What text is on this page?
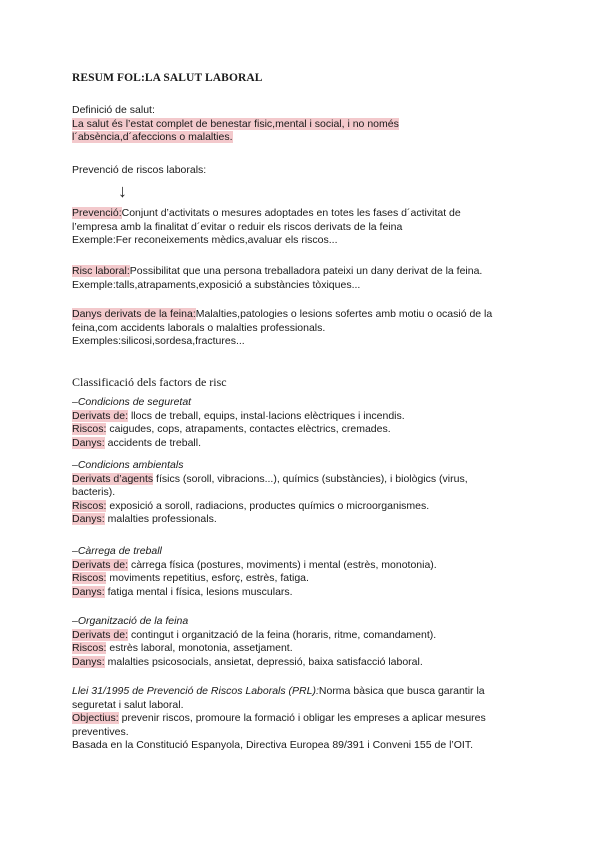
RESUM FOL:LA SALUT LABORAL
Definició de salut:
La salut és l’estat complet de benestar fisic,mental i social, i no només
l´absència,d´afeccions o malalties.
Prevenció de riscos laborals:
↓
Prevenció:Conjunt d’activitats o mesures adoptades en totes les fases d´activitat de
l’empresa amb la finalitat d´evitar o reduir els riscos derivats de la feina
Exemple:Fer reconeixements mèdics,avaluar els riscos...
Risc laboral:Possibilitat que una persona treballadora pateixi un dany derivat de la feina.
Exemple:talls,atrapaments,exposició a substàncies tòxiques...
Danys derivats de la feina:Malalties,patologies o lesions sofertes amb motiu o ocasió de la
feina,com accidents laborals o malalties professionals.
Exemples:silicosi,sordesa,fractures...
Classificació dels factors de risc
–Condicions de seguretat
Derivats de: llocs de treball, equips, instal·lacions elèctriques i incendis.
Riscos: caigudes, cops, atrapaments, contactes elèctrics, cremades.
Danys: accidents de treball.
–Condicions ambientals
Derivats d’agents físics (soroll, vibracions...), químics (substàncies), i biològics (virus,
bacteris).
Riscos: exposició a soroll, radiacions, productes químics o microorganismes.
Danys: malalties professionals.
–Càrrega de treball
Derivats de: càrrega física (postures, moviments) i mental (estrès, monotonia).
Riscos: moviments repetitius, esforç, estrès, fatiga.
Danys: fatiga mental i física, lesions musculars.
–Organització de la feina
Derivats de: contingut i organització de la feina (horaris, ritme, comandament).
Riscos: estrès laboral, monotonia, assetjament.
Danys: malalties psicosocials, ansietat, depressió, baixa satisfacció laboral.
Llei 31/1995 de Prevenció de Riscos Laborals (PRL):Norma bàsica que busca garantir la
seguretat i salut laboral.
Objectius: prevenir riscos, promoure la formació i obligar les empreses a aplicar mesures
preventives.
Basada en la Constitució Espanyola, Directiva Europea 89/391 i Conveni 155 de l’OIT.
